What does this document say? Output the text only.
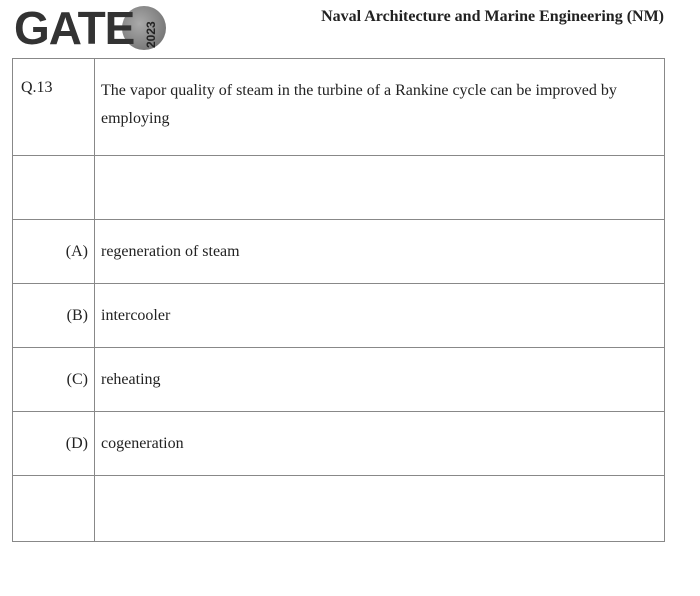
GATE 2023
Naval Architecture and Marine Engineering (NM)
Q.13	The vapor quality of steam in the turbine of a Rankine cycle can be improved by employing

(A)	regeneration of steam
(B)	intercooler
(C)	reheating
(D)	cogeneration
